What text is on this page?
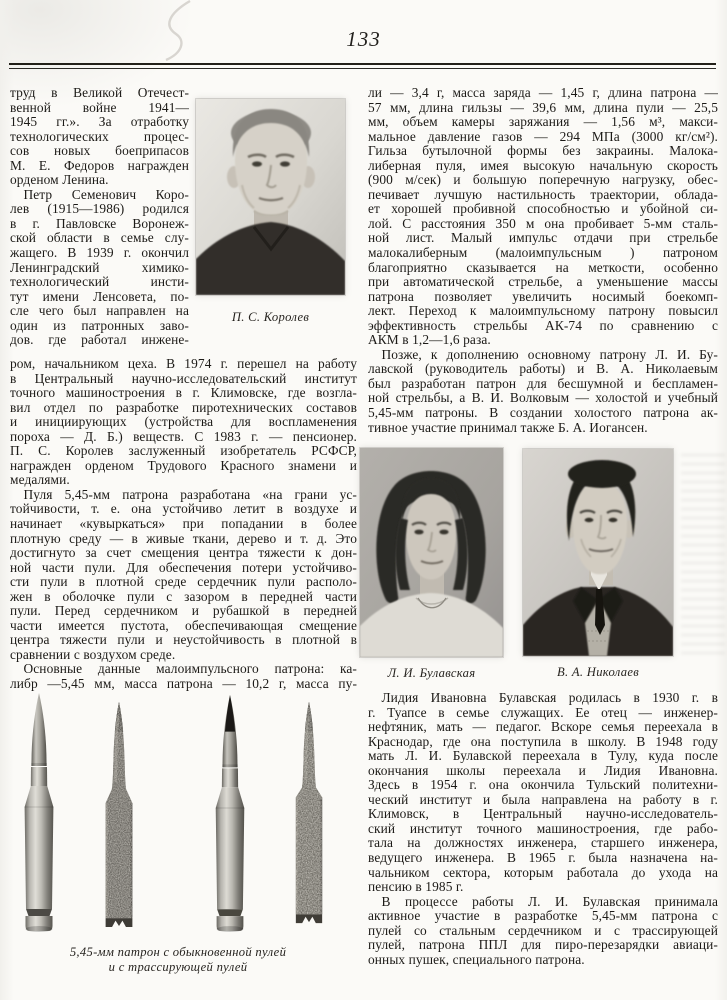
133
труд в Великой Отечест-
венной войне 1941—
1945 гг.». За отработку
технологических процес-
сов новых боеприпасов
М. Е. Федоров награжден
орденом Ленина.
 Петр Семенович Коро-
лев (1915—1986) родился
в г. Павловске Воронеж-
ской области в семье слу-
жащего. В 1939 г. окончил
Ленинградский химико-
технологический инсти-
тут имени Ленсовета, по-
сле чего был направлен на
один из патронных заво-
дов. где работал инжене-
П. С. Королев
ром, начальником цеха. В 1974 г. перешел на работу
в Центральный научно-исследовательский институт
точного машиностроения в г. Климовске, где возгла-
вил отдел по разработке пиротехнических составов
и инициирующих (устройства для воспламенения
пороха — Д. Б.) веществ. С 1983 г. — пенсионер.
П. С. Королев заслуженный изобретатель РСФСР,
награжден орденом Трудового Красного знамени и
медалями.
 Пуля 5,45-мм патрона разработана «на грани ус-
тойчивости, т. е. она устойчиво летит в воздухе и
начинает «кувыркаться» при попадании в более
плотную среду — в живые ткани, дерево и т. д. Это
достигнуто за счет смещения центра тяжести к дон-
ной части пули. Для обеспечения потери устойчиво-
сти пули в плотной среде сердечник пули располо-
жен в оболочке пули с зазором в передней части
пули. Перед сердечником и рубашкой в передней
части имеется пустота, обеспечивающая смещение
центра тяжести пули и неустойчивость в плотной в
сравнении с воздухом среде.
 Основные данные малоимпульсного патрона: ка-
либр —5,45 мм, масса патрона — 10,2 г, масса пу-
5,45-мм патрон с обыкновенной пулей
и с трассирующей пулей
ли — 3,4 г, масса заряда — 1,45 г, длина патрона —
57 мм, длина гильзы — 39,6 мм, длина пули — 25,5
мм, объем камеры заряжания — 1,56 м³, макси-
мальное давление газов — 294 МПа (3000 кг/см²).
Гильза бутылочной формы без закраины. Малока-
либерная пуля, имея высокую начальную скорость
(900 м/сек) и большую поперечную нагрузку, обес-
печивает лучшую настильность траектории, облада-
ет хорошей пробивной способностью и убойной си-
лой. С расстояния 350 м она пробивает 5-мм сталь-
ной лист. Малый импульс отдачи при стрельбе
малокалиберным (малоимпульсным ) патроном
благоприятно сказывается на меткости, особенно
при автоматической стрельбе, а уменьшение массы
патрона позволяет увеличить носимый боекомп-
лект. Переход к малоимпульсному патрону повысил
эффективность стрельбы АК-74 по сравнению с
АКМ в 1,2—1,6 раза.
 Позже, к дополнению основному патрону Л. И. Бу-
лавской (руководитель работы) и В. А. Николаевым
был разработан патрон для бесшумной и беспламен-
ной стрельбы, а В. И. Волковым — холостой и учебный
5,45-мм патроны. В создании холостого патрона ак-
тивное участие принимал также Б. А. Иогансен.
Л. И. Булавская	В. А. Николаев
 Лидия Ивановна Булавская родилась в 1930 г. в
г. Туапсе в семье служащих. Ее отец — инженер-
нефтяник, мать — педагог. Вскоре семья переехала в
Краснодар, где она поступила в школу. В 1948 году
мать Л. И. Булавской переехала в Тулу, куда после
окончания школы переехала и Лидия Ивановна.
Здесь в 1954 г. она окончила Тульский политехни-
ческий институт и была направлена на работу в г.
Климовск, в Центральный научно-исследователь-
ский институт точного машиностроения, где рабо-
тала на должностях инженера, старшего инженера,
ведущего инженера. В 1965 г. была назначена на-
чальником сектора, которым работала до ухода на
пенсию в 1985 г.
 В процессе работы Л. И. Булавская принимала
активное участие в разработке 5,45-мм патрона с
пулей со стальным сердечником и с трассирующей
пулей, патрона ППЛ для пиро-перезарядки авиаци-
онных пушек, специального патрона.
